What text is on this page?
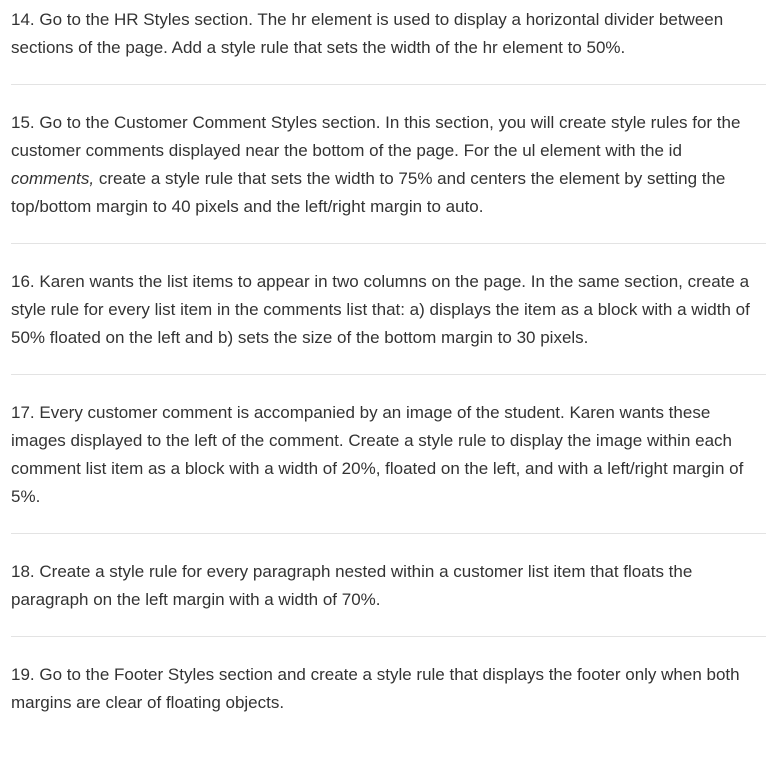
14. Go to the HR Styles section. The hr element is used to display a horizontal divider between sections of the page. Add a style rule that sets the width of the hr element to 50%.

15. Go to the Customer Comment Styles section. In this section, you will create style rules for the customer comments displayed near the bottom of the page. For the ul element with the id comments, create a style rule that sets the width to 75% and centers the element by setting the top/bottom margin to 40 pixels and the left/right margin to auto.

16. Karen wants the list items to appear in two columns on the page. In the same section, create a style rule for every list item in the comments list that: a) displays the item as a block with a width of 50% floated on the left and b) sets the size of the bottom margin to 30 pixels.

17. Every customer comment is accompanied by an image of the student. Karen wants these images displayed to the left of the comment. Create a style rule to display the image within each comment list item as a block with a width of 20%, floated on the left, and with a left/right margin of 5%.

18. Create a style rule for every paragraph nested within a customer list item that floats the paragraph on the left margin with a width of 70%.

19. Go to the Footer Styles section and create a style rule that displays the footer only when both margins are clear of floating objects.
